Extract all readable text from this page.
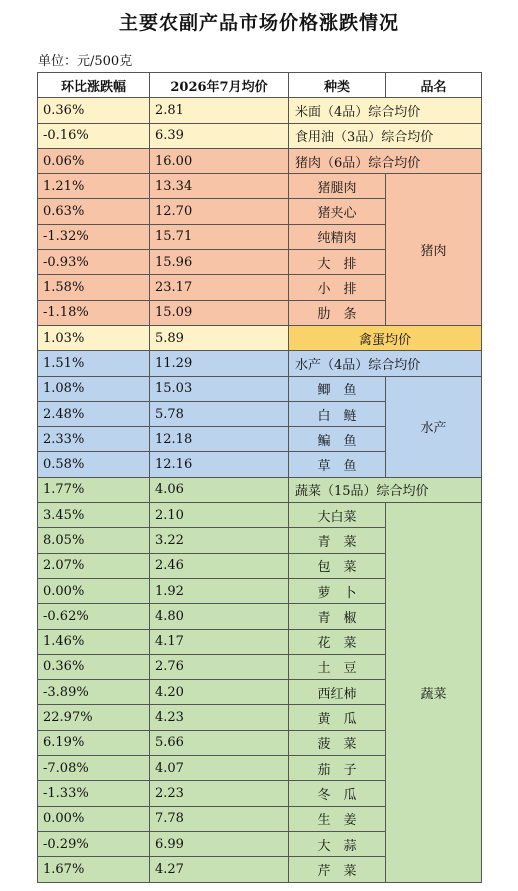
主要农副产品市场价格涨跌情况
单位：元/500克
环比涨跌幅	2026年7月均价	种类	品名
0.36%	2.81	米面（4品）综合均价	
-0.16%	6.39	食用油（3品）综合均价	
0.06%	16.00	猪肉（6品）综合均价	
1.21%	13.34	猪腿肉	猪肉
0.63%	12.70	猪夹心	
-1.32%	15.71	纯精肉	
-0.93%	15.96	大　排	
1.58%	23.17	小　排	
-1.18%	15.09	肋　条	
1.03%	5.89	禽蛋均价	
1.51%	11.29	水产（4品）综合均价	
1.08%	15.03	鲫　鱼	水产
2.48%	5.78	白　鲢	
2.33%	12.18	鳊　鱼	
0.58%	12.16	草　鱼	
1.77%	4.06	蔬菜（15品）综合均价	
3.45%	2.10	大白菜	蔬菜
8.05%	3.22	青　菜	
2.07%	2.46	包　菜	
0.00%	1.92	萝　卜	
-0.62%	4.80	青　椒	
1.46%	4.17	花　菜	
0.36%	2.76	土　豆	
-3.89%	4.20	西红柿	
22.97%	4.23	黄　瓜	
6.19%	5.66	菠　菜	
-7.08%	4.07	茄　子	
-1.33%	2.23	冬　瓜	
0.00%	7.78	生　姜	
-0.29%	6.99	大　蒜	
1.67%	4.27	芹　菜	
